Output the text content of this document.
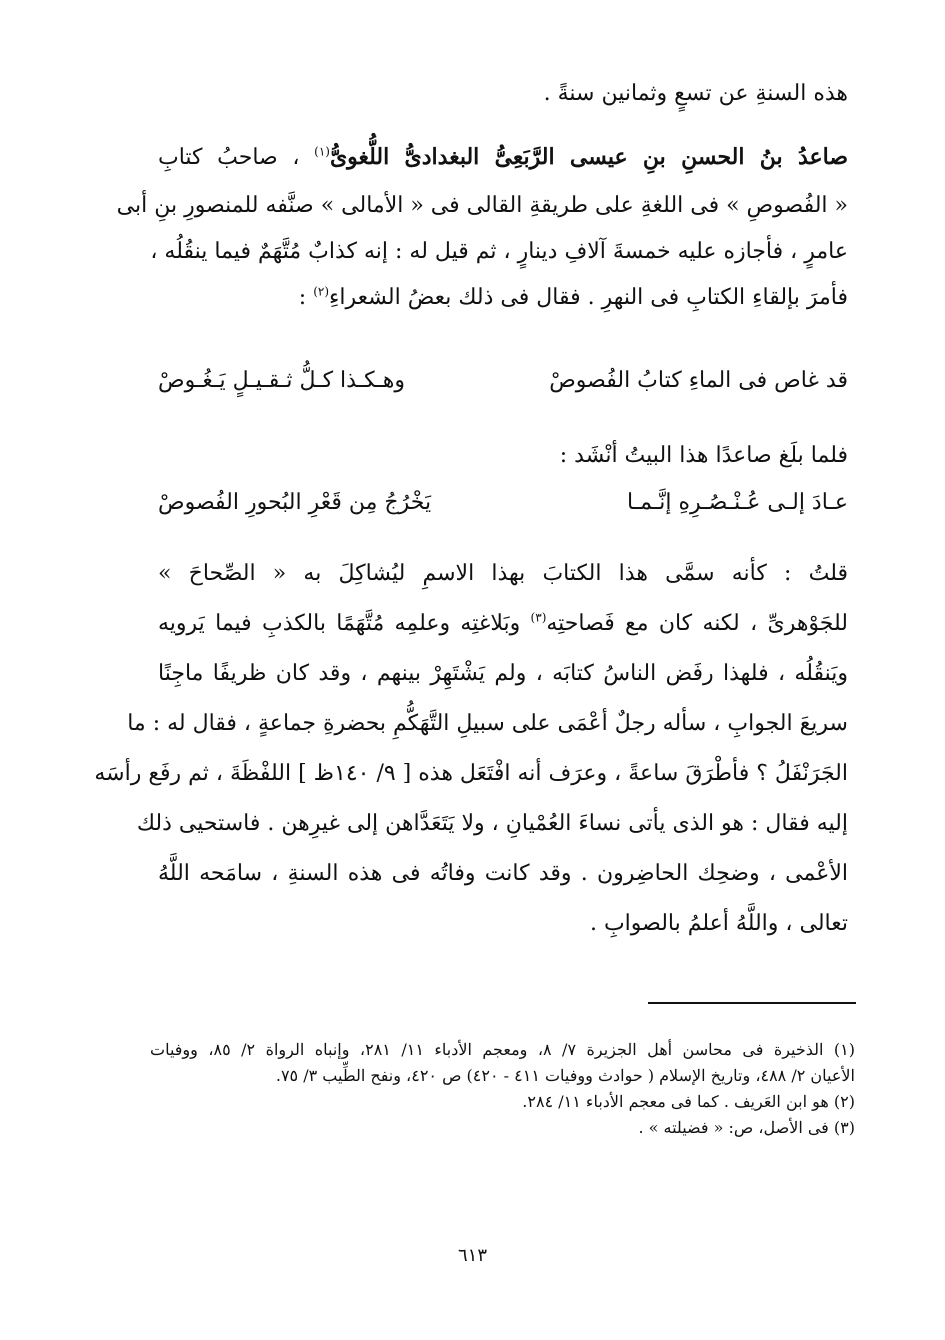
هذه السنةِ عن تسعٍ وثمانين سنةً .
صاعدُ بنُ الحسنِ بنِ عيسى الرَّبَعِىُّ البغدادىُّ اللُّغوىُّ$^{(١)}$ ، صاحبُ كتابِ
« الفُصوصِ » فى اللغةِ على طريقةِ القالى فى « الأمالى » صنَّفه للمنصورِ بنِ أبى
عامرٍ ، فأجازه عليه خمسةَ آلافِ دينارٍ ، ثم قيل له : إنه كذابٌ مُتَّهَمٌ فيما ينقُلُه ،
فأمرَ بإلقاءِ الكتابِ فى النهرِ . فقال فى ذلك بعضُ الشعراءِ$^{(٢)}$ :
قد غاص فى الماءِ كتابُ الفُصوصْ
وهـكـذا كـلُّ ثـقـيـلٍ يَـغُـوصْ
فلما بلَغ صاعدًا هذا البيتُ أنْشَد :
عـادَ إلـى عُـنْـصُـرِهِ إنَّـمـا
يَخْرُجُ مِن قَعْرِ البُحورِ الفُصوصْ
قلتُ : كأنه سمَّى هذا الكتابَ بهذا الاسمِ ليُشاكِلَ به « الصِّحاحَ »
للجَوْهرىِّ ، لكنه كان مع فَصاحتِه$^{(٣)}$ وبَلاغتِه وعلمِه مُتَّهَمًا بالكذبِ فيما يَرويه
ويَنقُلُه ، فلهذا رفَض الناسُ كتابَه ، ولم يَشْتَهِرْ بينهم ، وقد كان ظريفًا ماجِنًا
سريعَ الجوابِ ، سأله رجلٌ أعْمَى على سبيلِ التَّهَكُّمِ بحضرةِ جماعةٍ ، فقال له : ما
الجَرَنْفَلُ ؟ فأطْرَقَ ساعةً ، وعرَف أنه افْتَعَل هذه [ ٩/ ١٤٠ظ ] اللفْظَةَ ، ثم رفَع رأسَه
إليه فقال : هو الذى يأتى نساءَ العُمْيانِ ، ولا يَتَعَدَّاهن إلى غيرِهن . فاستحيى ذلك
الأعْمى ، وضحِك الحاضِرون . وقد كانت وفاتُه فى هذه السنةِ ، سامَحه اللَّهُ
تعالى ، واللَّهُ أعلمُ بالصوابِ .
(١) الذخيرة فى محاسن أهل الجزيرة ٧/ ٨، ومعجم الأدباء ١١/ ٢٨١، وإنباه الرواة ٢/ ٨٥، ووفيات
الأعيان ٢/ ٤٨٨، وتاريخ الإسلام ( حوادث ووفيات ٤١١ - ٤٢٠) ص ٤٢٠، ونفح الطِّيب ٣/ ٧٥.
(٢) هو ابن العَريف . كما فى معجم الأدباء ١١/ ٢٨٤.
(٣) فى الأصل، ص: « فضيلته » .
٦١٣
